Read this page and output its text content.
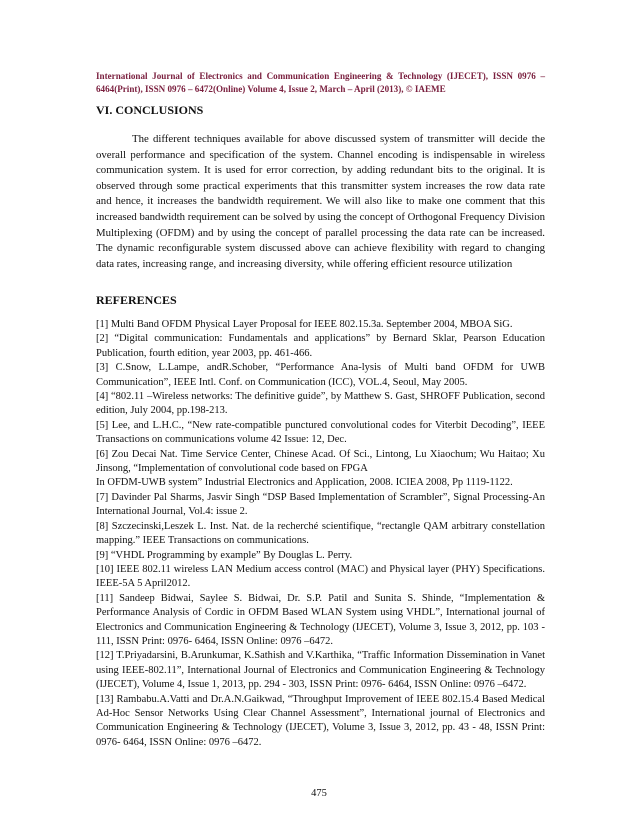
International Journal of Electronics and Communication Engineering & Technology (IJECET), ISSN 0976 – 6464(Print), ISSN 0976 – 6472(Online) Volume 4, Issue 2, March – April (2013), © IAEME
VI. CONCLUSIONS

The different techniques available for above discussed system of transmitter will decide the overall performance and specification of the system. Channel encoding is indispensable in wireless communication system. It is used for error correction, by adding redundant bits to the original. It is observed through some practical experiments that this transmitter system increases the row data rate and hence, it increases the bandwidth requirement. We will also like to make one comment that this increased bandwidth requirement can be solved by using the concept of Orthogonal Frequency Division Multiplexing (OFDM) and by using the concept of parallel processing the data rate can be increased. The dynamic reconfigurable system discussed above can achieve flexibility with regard to changing data rates, increasing range, and increasing diversity, while offering efficient resource utilization

REFERENCES
[1] Multi Band OFDM Physical Layer Proposal for IEEE 802.15.3a. September 2004, MBOA SiG.
[2] “Digital communication: Fundamentals and applications” by Bernard Sklar, Pearson Education Publication, fourth edition, year 2003, pp. 461-466.
[3] C.Snow, L.Lampe, andR.Schober, “Performance Ana-lysis of Multi band OFDM for UWB Communication”, IEEE Intl. Conf. on Communication (ICC), VOL.4, Seoul, May 2005.
[4] “802.11 –Wireless networks: The definitive guide”, by Matthew S. Gast, SHROFF Publication, second edition, July 2004, pp.198-213.
[5] Lee, and L.H.C., “New rate-compatible punctured convolutional codes for Viterbit Decoding”, IEEE Transactions on communications volume 42 Issue: 12, Dec.
[6] Zou Decai Nat. Time Service Center, Chinese Acad. Of Sci., Lintong, Lu Xiaochum; Wu Haitao; Xu Jinsong, “Implementation of convolutional code based on FPGA
In OFDM-UWB system” Industrial Electronics and Application, 2008. ICIEA 2008, Pp 1119-1122.
[7] Davinder Pal Sharms, Jasvir Singh “DSP Based Implementation of Scrambler”, Signal Processing-An International Journal, Vol.4: issue 2.
[8] Szczecinski,Leszek L. Inst. Nat. de la recherché scientifique, “rectangle QAM arbitrary constellation mapping.” IEEE Transactions on communications.
[9] “VHDL Programming by example” By Douglas L. Perry.
[10] IEEE 802.11 wireless LAN Medium access control (MAC) and Physical layer (PHY) Specifications. IEEE-5A 5 April2012.
[11] Sandeep Bidwai, Saylee S. Bidwai, Dr. S.P. Patil and Sunita S. Shinde, “Implementation & Performance Analysis of Cordic in OFDM Based WLAN System using VHDL”, International journal of Electronics and Communication Engineering & Technology (IJECET), Volume 3, Issue 3, 2012, pp. 103 - 111, ISSN Print: 0976- 6464, ISSN Online: 0976 –6472.
[12] T.Priyadarsini, B.Arunkumar, K.Sathish and V.Karthika, “Traffic Information Dissemination in Vanet using IEEE-802.11”, International Journal of Electronics and Communication Engineering & Technology (IJECET), Volume 4, Issue 1, 2013, pp. 294 - 303, ISSN Print: 0976- 6464, ISSN Online: 0976 –6472.
[13] Rambabu.A.Vatti and Dr.A.N.Gaikwad, “Throughput Improvement of IEEE 802.15.4 Based Medical Ad-Hoc Sensor Networks Using Clear Channel Assessment”, International journal of Electronics and Communication Engineering & Technology (IJECET), Volume 3, Issue 3, 2012, pp. 43 - 48, ISSN Print: 0976- 6464, ISSN Online: 0976 –6472.
475
